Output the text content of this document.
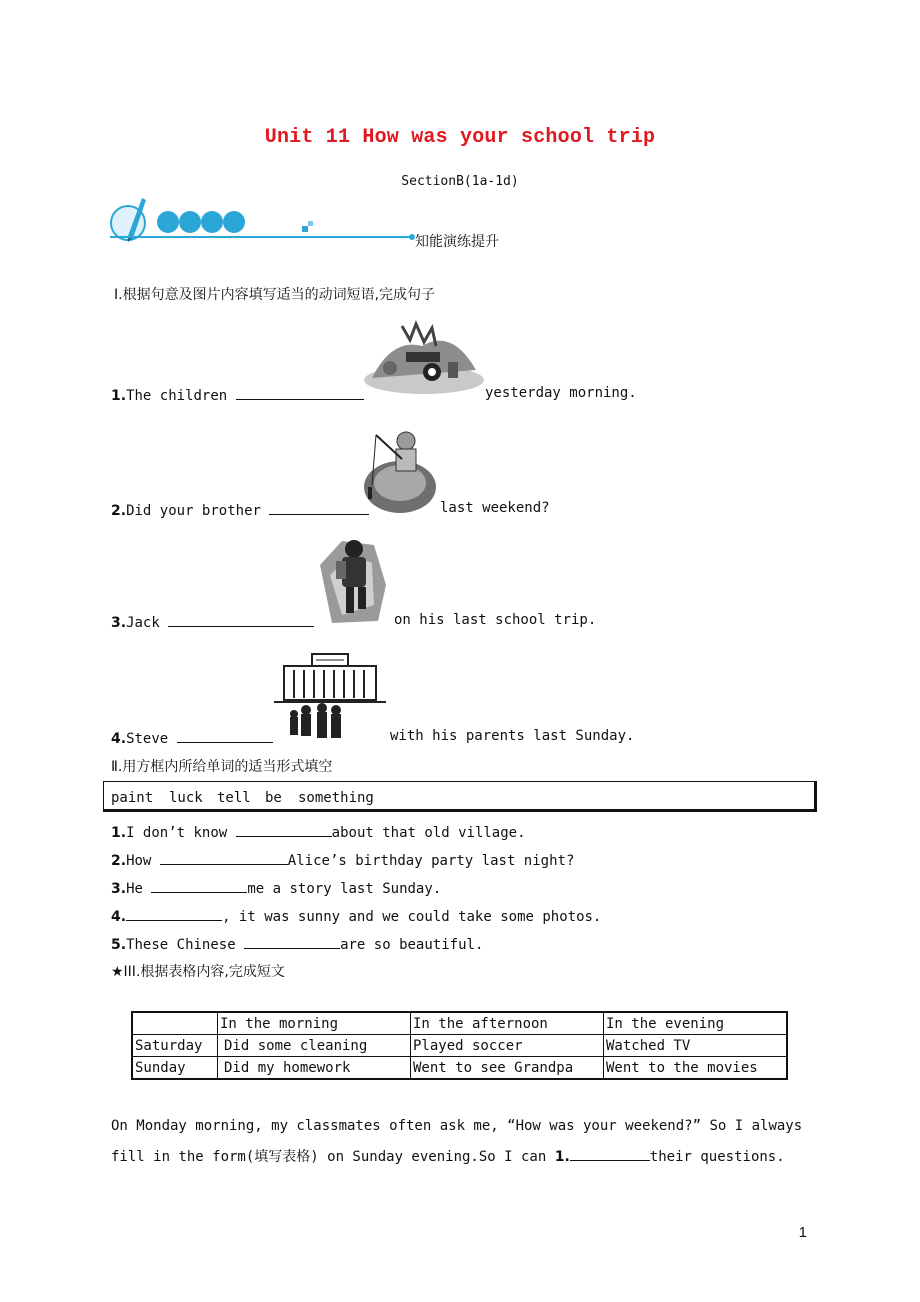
Unit 11 How was your school trip
SectionB(1a-1d)
知能演练提升
Ⅰ.根据句意及图片内容填写适当的动词短语,完成句子
1.The children	yesterday morning.
2.Did your brother	last weekend?
3.Jack	on his last school trip.
4.Steve	with his parents last Sunday.
Ⅱ.用方框内所给单词的适当形式填空
paint luck tell be something
1.I don’t know	about that old village.
2.How	Alice’s birthday party last night?
3.He	me a story last Sunday.
4.	, it was sunny and we could take some photos.
5.These Chinese	are so beautiful.
★III.根据表格内容,完成短文
	In the morning	In the afternoon	In the evening
Saturday	Did some cleaning	Played soccer	Watched TV
Sunday	Did my homework	Went to see Grandpa	Went to the movies
On Monday morning, my classmates often ask me, “How was your weekend?” So I always
fill in the form(填写表格) on Sunday evening.So I can 1.	their questions.
1
